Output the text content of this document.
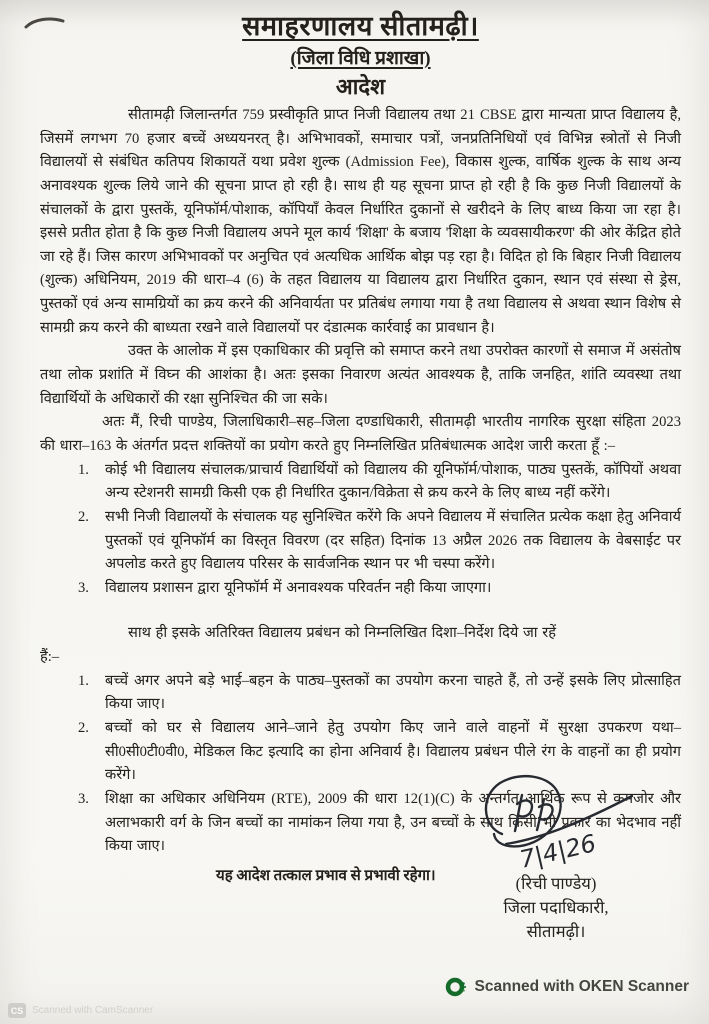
समाहरणालय सीतामढ़ी।
(जिला विधि प्रशाखा)
आदेश

सीतामढ़ी जिलान्तर्गत 759 प्रस्वीकृति प्राप्त निजी विद्यालय तथा 21 CBSE द्वारा मान्यता प्राप्त विद्यालय है, जिसमें लगभग 70 हजार बच्चें अध्ययनरत् है। अभिभावकों, समाचार पत्रों, जनप्रतिनिधियों एवं विभिन्न स्त्रोतों से निजी विद्यालयों से संबंधित कतिपय शिकायतें यथा प्रवेश शुल्क (Admission Fee), विकास शुल्क, वार्षिक शुल्क के साथ अन्य अनावश्यक शुल्क लिये जाने की सूचना प्राप्त हो रही है। साथ ही यह सूचना प्राप्त हो रही है कि कुछ निजी विद्यालयों के संचालकों के द्वारा पुस्तकें, यूनिफॉर्म/पोशाक, कॉपियाँ केवल निर्धारित दुकानों से खरीदने के लिए बाध्य किया जा रहा है। इससे प्रतीत होता है कि कुछ निजी विद्यालय अपने मूल कार्य 'शिक्षा' के बजाय 'शिक्षा के व्यवसायीकरण' की ओर केंद्रित होते जा रहे हैं। जिस कारण अभिभावकों पर अनुचित एवं अत्यधिक आर्थिक बोझ पड़ रहा है। विदित हो कि बिहार निजी विद्यालय (शुल्क) अधिनियम, 2019 की धारा–4 (6) के तहत विद्यालय या विद्यालय द्वारा निर्धारित दुकान, स्थान एवं संस्था से ड्रेस, पुस्तकों एवं अन्य सामग्रियों का क्रय करने की अनिवार्यता पर प्रतिबंध लगाया गया है तथा विद्यालय से अथवा स्थान विशेष से सामग्री क्रय करने की बाध्यता रखने वाले विद्यालयों पर दंडात्मक कार्रवाई का प्रावधान है।

उक्त के आलोक में इस एकाधिकार की प्रवृत्ति को समाप्त करने तथा उपरोक्त कारणों से समाज में असंतोष तथा लोक प्रशांति में विघ्न की आशंका है। अतः इसका निवारण अत्यंत आवश्यक है, ताकि जनहित, शांति व्यवस्था तथा विद्यार्थियों के अधिकारों की रक्षा सुनिश्चित की जा सके।

अतः मैं, रिची पाण्डेय, जिलाधिकारी–सह–जिला दण्डाधिकारी, सीतामढ़ी भारतीय नागरिक सुरक्षा संहिता 2023 की धारा–163 के अंतर्गत प्रदत्त शक्तियों का प्रयोग करते हुए निम्नलिखित प्रतिबंधात्मक आदेश जारी करता हूँ :–

1.	कोई भी विद्यालय संचालक/प्राचार्य विद्यार्थियों को विद्यालय की यूनिफॉर्म/पोशाक, पाठ्य पुस्तकें, कॉपियों अथवा अन्य स्टेशनरी सामग्री किसी एक ही निर्धारित दुकान/विक्रेता से क्रय करने के लिए बाध्य नहीं करेंगे।

2.	सभी निजी विद्यालयों के संचालक यह सुनिश्चित करेंगे कि अपने विद्यालय में संचालित प्रत्येक कक्षा हेतु अनिवार्य पुस्तकों एवं यूनिफॉर्म का विस्तृत विवरण (दर सहित) दिनांक 13 अप्रैल 2026 तक विद्यालय के वेबसाईट पर अपलोड करते हुए विद्यालय परिसर के सार्वजनिक स्थान पर भी चस्पा करेंगे।

3.	विद्यालय प्रशासन द्वारा यूनिफॉर्म में अनावश्यक परिवर्तन नही किया जाएगा।

साथ ही इसके अतिरिक्त विद्यालय प्रबंधन को निम्नलिखित दिशा–निर्देश दिये जा रहें

हैं:–

1.	बच्चें अगर अपने बड़े भाई–बहन के पाठ्य–पुस्तकों का उपयोग करना चाहते हैं, तो उन्हें इसके लिए प्रोत्साहित किया जाए।

2.	बच्चों को घर से विद्यालय आने–जाने हेतु उपयोग किए जाने वाले वाहनों में सुरक्षा उपकरण यथा–सी0सी0टी0वी0, मेडिकल किट इत्यादि का होना अनिवार्य है। विद्यालय प्रबंधन पीले रंग के वाहनों का ही प्रयोग करेंगे।

3.	शिक्षा का अधिकार अधिनियम (RTE), 2009 की धारा 12(1)(C) के अन्तर्गत आर्थिक रूप से कमजोर और अलाभकारी वर्ग के जिन बच्चों का नामांकन लिया गया है, उन बच्चों के साथ किसी भी प्रकार का भेदभाव नहीं किया जाए।

यह आदेश तत्काल प्रभाव से प्रभावी रहेगा।

7|4|26
(रिची पाण्डेय)
जिला पदाधिकारी,
सीतामढ़ी।
Scanned with OKEN Scanner
CS Scanned with CamScanner
